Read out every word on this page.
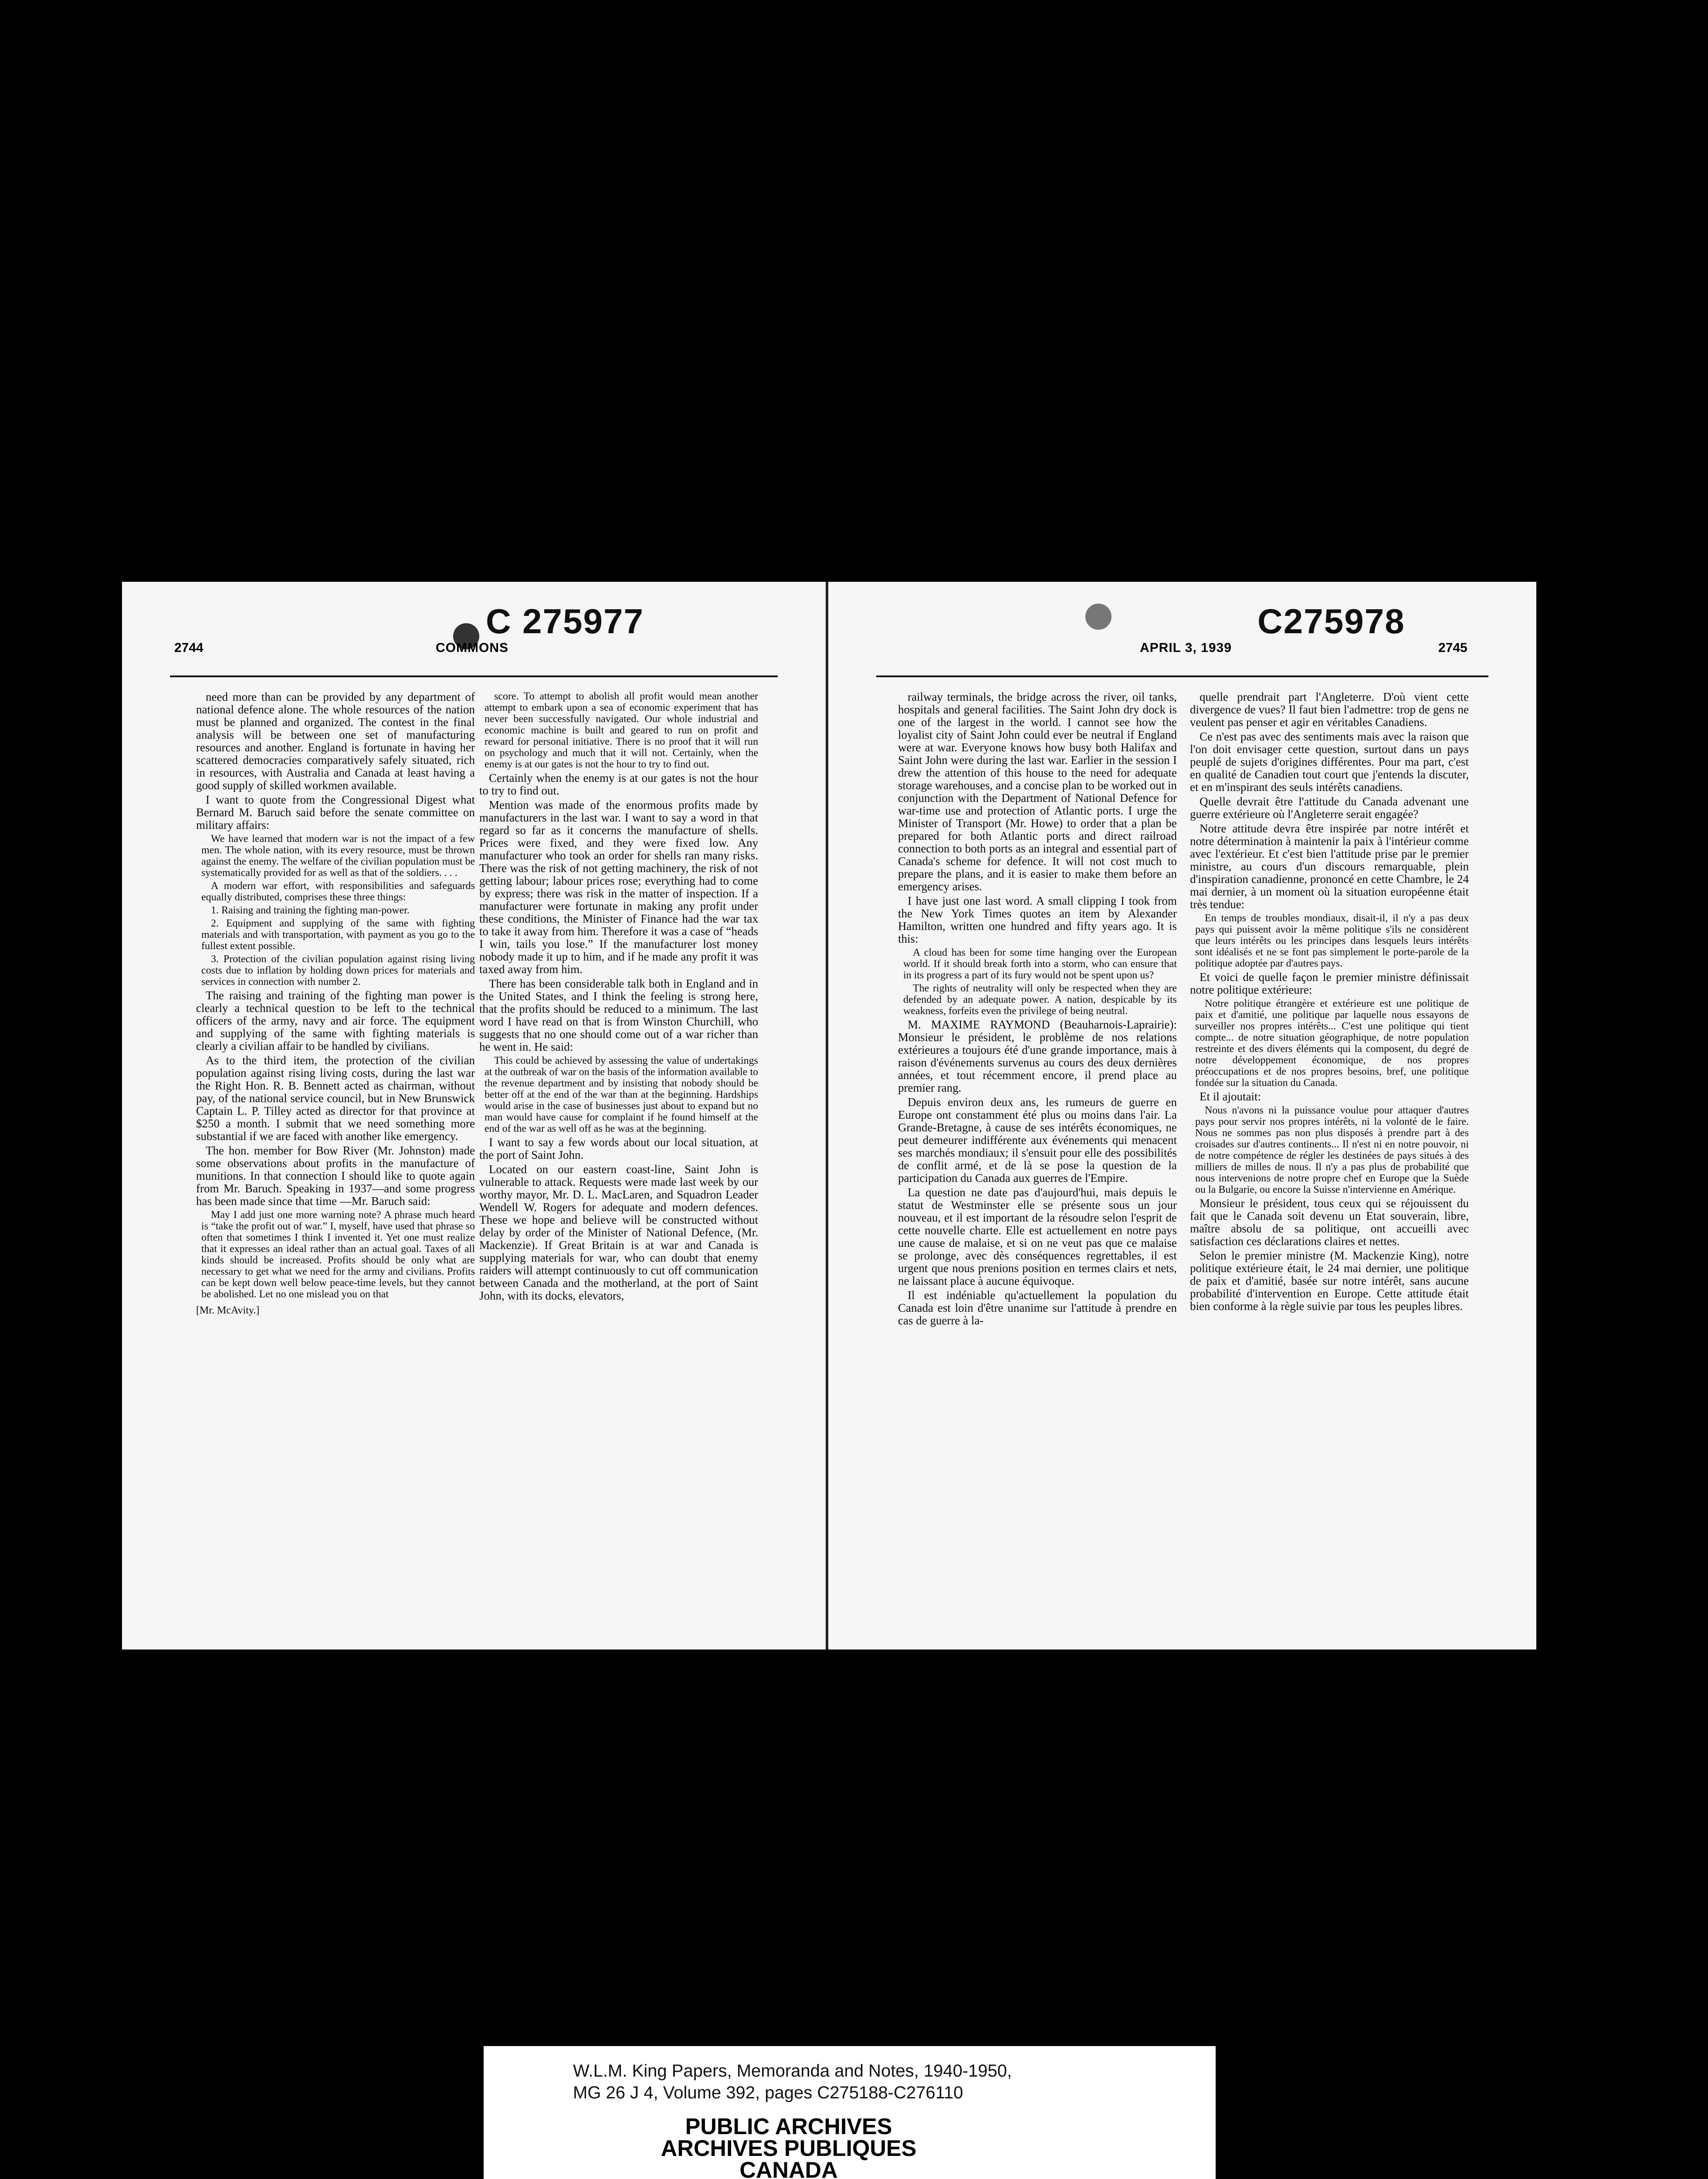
2744	COMMONS
C 275977

need more than can be provided by any department of national defence alone. The whole resources of the nation must be planned and organized. The contest in the final analysis will be between one set of manufacturing resources and another. England is fortunate in having her scattered democracies comparatively safely situated, rich in resources, with Australia and Canada at least having a good supply of skilled workmen available.

I want to quote from the Congressional Digest what Bernard M. Baruch said before the senate committee on military affairs:

We have learned that modern war is not the impact of a few men. The whole nation, with its every resource, must be thrown against the enemy. The welfare of the civilian population must be systematically provided for as well as that of the soldiers. . . .

A modern war effort, with responsibilities and safeguards equally distributed, comprises these three things:

1. Raising and training the fighting man-power.

2. Equipment and supplying of the same with fighting materials and with transportation, with payment as you go to the fullest extent possible.

3. Protection of the civilian population against rising living costs due to inflation by holding down prices for materials and services in connection with number 2.

The raising and training of the fighting man power is clearly a technical question to be left to the technical officers of the army, navy and air force. The equipment and supplying of the same with fighting materials is clearly a civilian affair to be handled by civilians.

As to the third item, the protection of the civilian population against rising living costs, during the last war the Right Hon. R. B. Bennett acted as chairman, without pay, of the national service council, but in New Brunswick Captain L. P. Tilley acted as director for that province at $250 a month. I submit that we need something more substantial if we are faced with another like emergency.

The hon. member for Bow River (Mr. Johnston) made some observations about profits in the manufacture of munitions. In that connection I should like to quote again from Mr. Baruch. Speaking in 1937—and some progress has been made since that time —Mr. Baruch said:

May I add just one more warning note? A phrase much heard is “take the profit out of war.” I, myself, have used that phrase so often that sometimes I think I invented it. Yet one must realize that it expresses an ideal rather than an actual goal. Taxes of all kinds should be increased. Profits should be only what are necessary to get what we need for the army and civilians. Profits can be kept down well below peace-time levels, but they cannot be abolished. Let no one mislead you on that

[Mr. McAvity.]

score. To attempt to abolish all profit would mean another attempt to embark upon a sea of economic experiment that has never been successfully navigated. Our whole industrial and economic machine is built and geared to run on profit and reward for personal initiative. There is no proof that it will run on psychology and much that it will not. Certainly, when the enemy is at our gates is not the hour to try to find out.

Certainly when the enemy is at our gates is not the hour to try to find out.

Mention was made of the enormous profits made by manufacturers in the last war. I want to say a word in that regard so far as it concerns the manufacture of shells. Prices were fixed, and they were fixed low. Any manufacturer who took an order for shells ran many risks. There was the risk of not getting machinery, the risk of not getting labour; labour prices rose; everything had to come by express; there was risk in the matter of inspection. If a manufacturer were fortunate in making any profit under these conditions, the Minister of Finance had the war tax to take it away from him. Therefore it was a case of “heads I win, tails you lose.” If the manufacturer lost money nobody made it up to him, and if he made any profit it was taxed away from him.

There has been considerable talk both in England and in the United States, and I think the feeling is strong here, that the profits should be reduced to a minimum. The last word I have read on that is from Winston Churchill, who suggests that no one should come out of a war richer than he went in. He said:

This could be achieved by assessing the value of undertakings at the outbreak of war on the basis of the information available to the revenue department and by insisting that nobody should be better off at the end of the war than at the beginning. Hardships would arise in the case of businesses just about to expand but no man would have cause for complaint if he found himself at the end of the war as well off as he was at the beginning.

I want to say a few words about our local situation, at the port of Saint John.

Located on our eastern coast-line, Saint John is vulnerable to attack. Requests were made last week by our worthy mayor, Mr. D. L. MacLaren, and Squadron Leader Wendell W. Rogers for adequate and modern defences. These we hope and believe will be constructed without delay by order of the Minister of National Defence, (Mr. Mackenzie). If Great Britain is at war and Canada is supplying materials for war, who can doubt that enemy raiders will attempt continuously to cut off communication between Canada and the motherland, at the port of Saint John, with its docks, elevators,

APRIL 3, 1939
C275978
2745

railway terminals, the bridge across the river, oil tanks, hospitals and general facilities. The Saint John dry dock is one of the largest in the world. I cannot see how the loyalist city of Saint John could ever be neutral if England were at war. Everyone knows how busy both Halifax and Saint John were during the last war. Earlier in the session I drew the attention of this house to the need for adequate storage warehouses, and a concise plan to be worked out in conjunction with the Department of National Defence for war-time use and protection of Atlantic ports. I urge the Minister of Transport (Mr. Howe) to order that a plan be prepared for both Atlantic ports and direct railroad connection to both ports as an integral and essential part of Canada's scheme for defence. It will not cost much to prepare the plans, and it is easier to make them before an emergency arises.

I have just one last word. A small clipping I took from the New York Times quotes an item by Alexander Hamilton, written one hundred and fifty years ago. It is this:

A cloud has been for some time hanging over the European world. If it should break forth into a storm, who can ensure that in its progress a part of its fury would not be spent upon us?

The rights of neutrality will only be respected when they are defended by an adequate power. A nation, despicable by its weakness, forfeits even the privilege of being neutral.

M. MAXIME RAYMOND (Beauharnois-Laprairie): Monsieur le président, le problème de nos relations extérieures a toujours été d'une grande importance, mais à raison d'événements survenus au cours des deux dernières années, et tout récemment encore, il prend place au premier rang.

Depuis environ deux ans, les rumeurs de guerre en Europe ont constamment été plus ou moins dans l'air. La Grande-Bretagne, à cause de ses intérêts économiques, ne peut demeurer indifférente aux événements qui menacent ses marchés mondiaux; il s'ensuit pour elle des possibilités de conflit armé, et de là se pose la question de la participation du Canada aux guerres de l'Empire.

La question ne date pas d'aujourd'hui, mais depuis le statut de Westminster elle se présente sous un jour nouveau, et il est important de la résoudre selon l'esprit de cette nouvelle charte. Elle est actuellement en notre pays une cause de malaise, et si on ne veut pas que ce malaise se prolonge, avec dès conséquences regrettables, il est urgent que nous prenions position en termes clairs et nets, ne laissant place à aucune équivoque.

Il est indéniable qu'actuellement la population du Canada est loin d'être unanime sur l'attitude à prendre en cas de guerre à la-

quelle prendrait part l'Angleterre. D'où vient cette divergence de vues? Il faut bien l'admettre: trop de gens ne veulent pas penser et agir en véritables Canadiens.

Ce n'est pas avec des sentiments mais avec la raison que l'on doit envisager cette question, surtout dans un pays peuplé de sujets d'origines différentes. Pour ma part, c'est en qualité de Canadien tout court que j'entends la discuter, et en m'inspirant des seuls intérêts canadiens.

Quelle devrait être l'attitude du Canada advenant une guerre extérieure où l'Angleterre serait engagée?

Notre attitude devra être inspirée par notre intérêt et notre détermination à maintenir la paix à l'intérieur comme avec l'extérieur. Et c'est bien l'attitude prise par le premier ministre, au cours d'un discours remarquable, plein d'inspiration canadienne, prononcé en cette Chambre, le 24 mai dernier, à un moment où la situation européenne était très tendue:

En temps de troubles mondiaux, disait-il, il n'y a pas deux pays qui puissent avoir la même politique s'ils ne considèrent que leurs intérêts ou les principes dans lesquels leurs intérêts sont idéalisés et ne se font pas simplement le porte-parole de la politique adoptée par d'autres pays.

Et voici de quelle façon le premier ministre définissait notre politique extérieure:

Notre politique étrangère et extérieure est une politique de paix et d'amitié, une politique par laquelle nous essayons de surveiller nos propres intérêts... C'est une politique qui tient compte... de notre situation géographique, de notre population restreinte et des divers éléments qui la composent, du degré de notre développement économique, de nos propres préoccupations et de nos propres besoins, bref, une politique fondée sur la situation du Canada.

Et il ajoutait:

Nous n'avons ni la puissance voulue pour attaquer d'autres pays pour servir nos propres intérêts, ni la volonté de le faire. Nous ne sommes pas non plus disposés à prendre part à des croisades sur d'autres continents... Il n'est ni en notre pouvoir, ni de notre compétence de régler les destinées de pays situés à des milliers de milles de nous. Il n'y a pas plus de probabilité que nous intervenions de notre propre chef en Europe que la Suède ou la Bulgarie, ou encore la Suisse n'intervienne en Amérique.

Monsieur le président, tous ceux qui se réjouissent du fait que le Canada soit devenu un Etat souverain, libre, maître absolu de sa politique, ont accueilli avec satisfaction ces déclarations claires et nettes.

Selon le premier ministre (M. Mackenzie King), notre politique extérieure était, le 24 mai dernier, une politique de paix et d'amitié, basée sur notre intérêt, sans aucune probabilité d'intervention en Europe. Cette attitude était bien conforme à la règle suivie par tous les peuples libres.

W.L.M. King Papers, Memoranda and Notes, 1940-1950,
MG 26 J 4, Volume 392, pages C275188-C276110
PUBLIC ARCHIVES
ARCHIVES PUBLIQUES
CANADA
